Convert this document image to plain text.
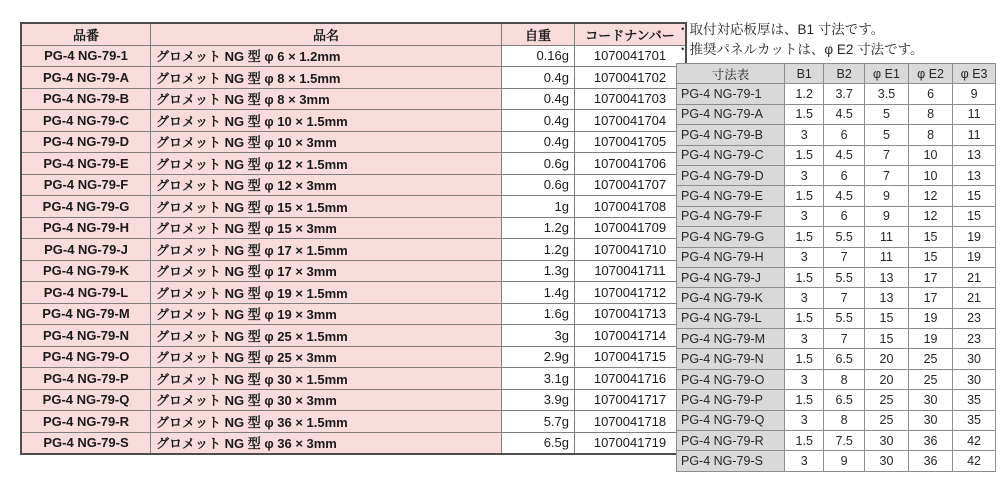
品番	品名	自重	コードナンバー
PG-4 NG-79-1	グロメット NG 型 φ 6 × 1.2mm	0.16g	1070041701
PG-4 NG-79-A	グロメット NG 型 φ 8 × 1.5mm	0.4g	1070041702
PG-4 NG-79-B	グロメット NG 型 φ 8 × 3mm	0.4g	1070041703
PG-4 NG-79-C	グロメット NG 型 φ 10 × 1.5mm	0.4g	1070041704
PG-4 NG-79-D	グロメット NG 型 φ 10 × 3mm	0.4g	1070041705
PG-4 NG-79-E	グロメット NG 型 φ 12 × 1.5mm	0.6g	1070041706
PG-4 NG-79-F	グロメット NG 型 φ 12 × 3mm	0.6g	1070041707
PG-4 NG-79-G	グロメット NG 型 φ 15 × 1.5mm	1g	1070041708
PG-4 NG-79-H	グロメット NG 型 φ 15 × 3mm	1.2g	1070041709
PG-4 NG-79-J	グロメット NG 型 φ 17 × 1.5mm	1.2g	1070041710
PG-4 NG-79-K	グロメット NG 型 φ 17 × 3mm	1.3g	1070041711
PG-4 NG-79-L	グロメット NG 型 φ 19 × 1.5mm	1.4g	1070041712
PG-4 NG-79-M	グロメット NG 型 φ 19 × 3mm	1.6g	1070041713
PG-4 NG-79-N	グロメット NG 型 φ 25 × 1.5mm	3g	1070041714
PG-4 NG-79-O	グロメット NG 型 φ 25 × 3mm	2.9g	1070041715
PG-4 NG-79-P	グロメット NG 型 φ 30 × 1.5mm	3.1g	1070041716
PG-4 NG-79-Q	グロメット NG 型 φ 30 × 3mm	3.9g	1070041717
PG-4 NG-79-R	グロメット NG 型 φ 36 × 1.5mm	5.7g	1070041718
PG-4 NG-79-S	グロメット NG 型 φ 36 × 3mm	6.5g	1070041719
・取付対応板厚は、B1 寸法です。
・推奨パネルカットは、φ E2 寸法です。
寸法表	B1	B2	φ E1	φ E2	φ E3
PG-4 NG-79-1	1.2	3.7	3.5	6	9
PG-4 NG-79-A	1.5	4.5	5	8	11
PG-4 NG-79-B	3	6	5	8	11
PG-4 NG-79-C	1.5	4.5	7	10	13
PG-4 NG-79-D	3	6	7	10	13
PG-4 NG-79-E	1.5	4.5	9	12	15
PG-4 NG-79-F	3	6	9	12	15
PG-4 NG-79-G	1.5	5.5	11	15	19
PG-4 NG-79-H	3	7	11	15	19
PG-4 NG-79-J	1.5	5.5	13	17	21
PG-4 NG-79-K	3	7	13	17	21
PG-4 NG-79-L	1.5	5.5	15	19	23
PG-4 NG-79-M	3	7	15	19	23
PG-4 NG-79-N	1.5	6.5	20	25	30
PG-4 NG-79-O	3	8	20	25	30
PG-4 NG-79-P	1.5	6.5	25	30	35
PG-4 NG-79-Q	3	8	25	30	35
PG-4 NG-79-R	1.5	7.5	30	36	42
PG-4 NG-79-S	3	9	30	36	42
